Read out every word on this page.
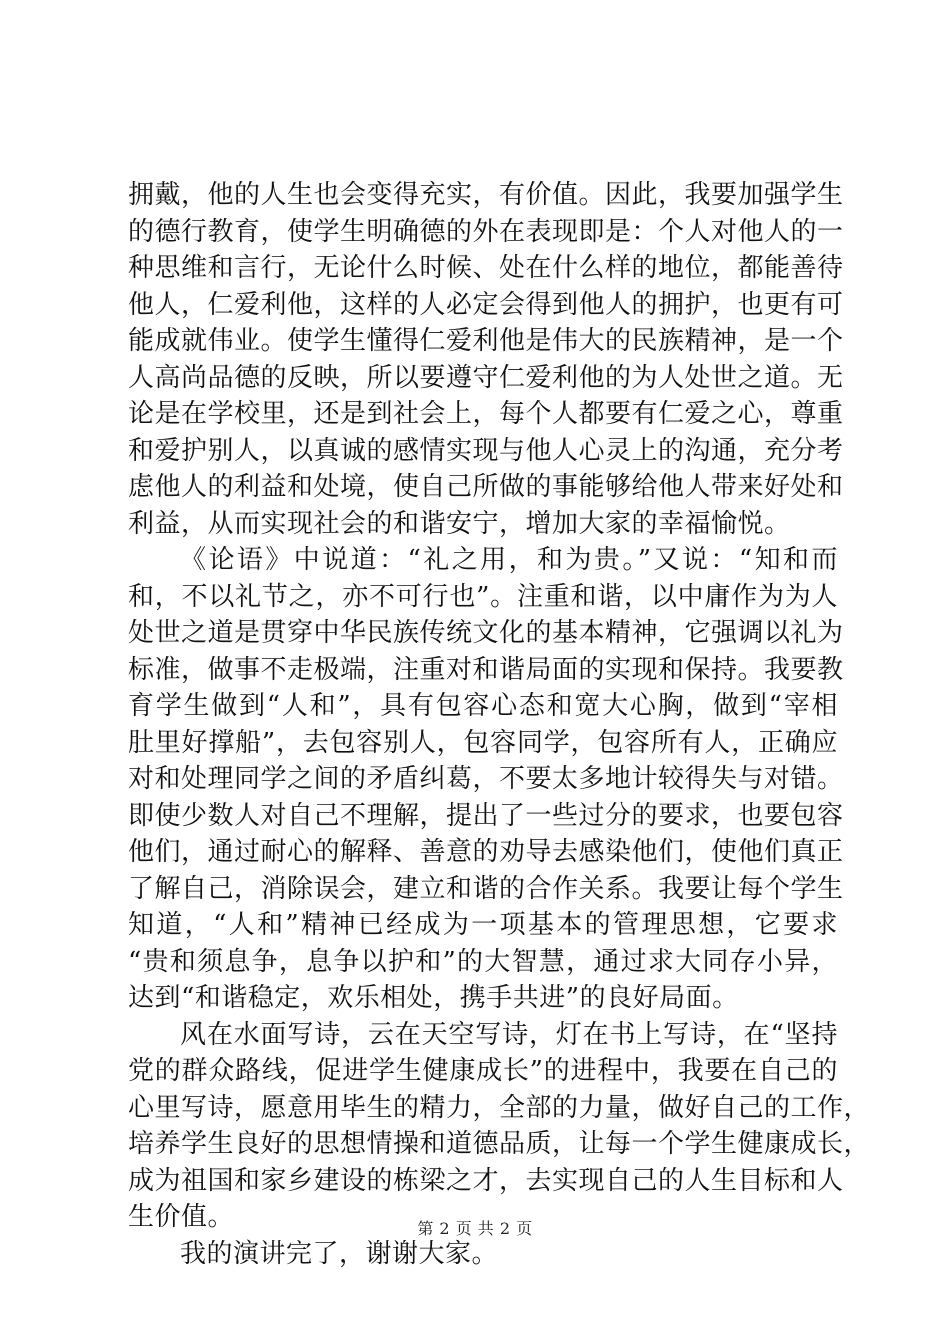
拥戴，他的人生也会变得充实，有价值。因此，我要加强学生
的德行教育，使学生明确德的外在表现即是：个人对他人的一
种思维和言行，无论什么时候、处在什么样的地位，都能善待
他人，仁爱利他，这样的人必定会得到他人的拥护，也更有可
能成就伟业。使学生懂得仁爱利他是伟大的民族精神，是一个
人高尚品德的反映，所以要遵守仁爱利他的为人处世之道。无
论是在学校里，还是到社会上，每个人都要有仁爱之心，尊重
和爱护别人，以真诚的感情实现与他人心灵上的沟通，充分考
虑他人的利益和处境，使自己所做的事能够给他人带来好处和
利益，从而实现社会的和谐安宁，增加大家的幸福愉悦。
《论语》中说道：“礼之用，和为贵。”又说：“知和而
和，不以礼节之，亦不可行也”。注重和谐，以中庸作为为人
处世之道是贯穿中华民族传统文化的基本精神，它强调以礼为
标准，做事不走极端，注重对和谐局面的实现和保持。我要教
育学生做到“人和”，具有包容心态和宽大心胸，做到“宰相
肚里好撑船”，去包容别人，包容同学，包容所有人，正确应
对和处理同学之间的矛盾纠葛，不要太多地计较得失与对错。
即使少数人对自己不理解，提出了一些过分的要求，也要包容
他们，通过耐心的解释、善意的劝导去感染他们，使他们真正
了解自己，消除误会，建立和谐的合作关系。我要让每个学生
知道，“人和”精神已经成为一项基本的管理思想，它要求
“贵和须息争，息争以护和”的大智慧，通过求大同存小异，
达到“和谐稳定，欢乐相处，携手共进”的良好局面。
风在水面写诗，云在天空写诗，灯在书上写诗，在“坚持
党的群众路线，促进学生健康成长”的进程中，我要在自己的
心里写诗，愿意用毕生的精力，全部的力量，做好自己的工作，
培养学生良好的思想情操和道德品质，让每一个学生健康成长，
成为祖国和家乡建设的栋梁之才，去实现自己的人生目标和人
生价值。
我的演讲完了，谢谢大家。
第 2 页 共 2 页
